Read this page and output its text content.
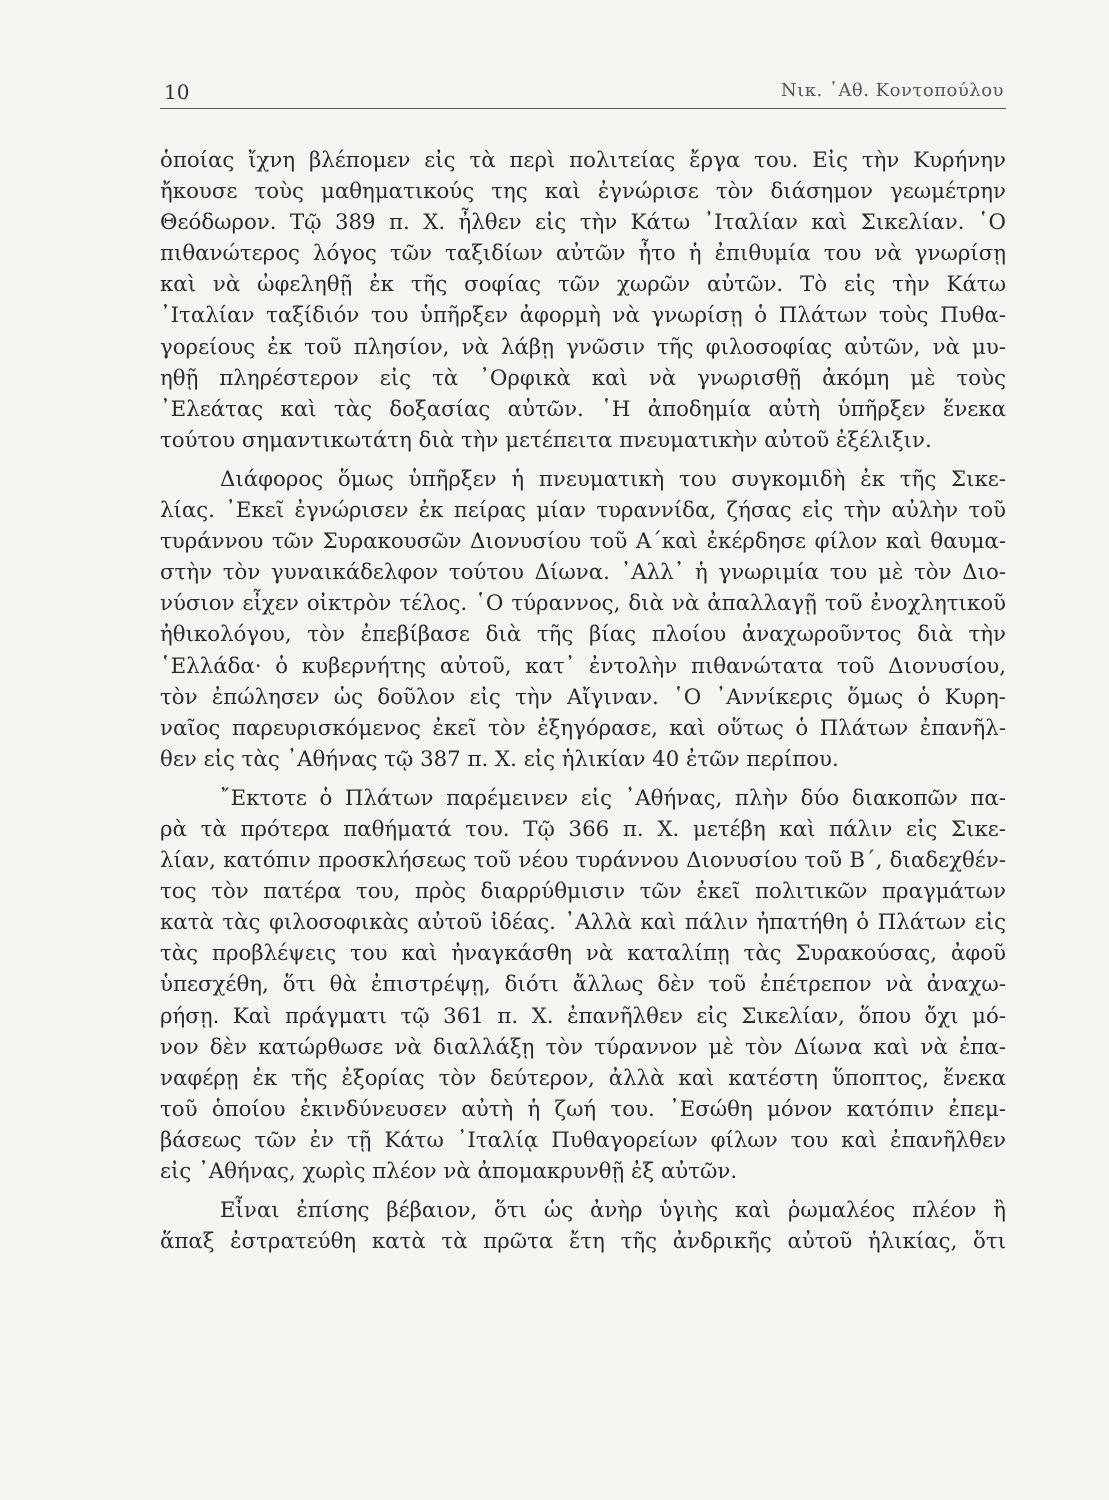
10	Νικ. ᾿Αθ. Κοντοπούλου
ὁποίας ἴχνη βλέπομεν εἰς τὰ περὶ πολιτείας ἔργα του. Εἰς τὴν Κυρήνην
ἤκουσε τοὺς μαθηματικούς της καὶ ἐγνώρισε τὸν διάσημον γεωμέτρην
Θεόδωρον. Τῷ 389 π. Χ. ἦλθεν εἰς τὴν Κάτω ᾿Ιταλίαν καὶ Σικελίαν. ῾Ο
πιθανώτερος λόγος τῶν ταξιδίων αὐτῶν ἦτο ἡ ἐπιθυμία του νὰ γνωρίσῃ
καὶ νὰ ὠφεληθῇ ἐκ τῆς σοφίας τῶν χωρῶν αὐτῶν. Τὸ εἰς τὴν Κάτω
᾿Ιταλίαν ταξίδιόν του ὑπῆρξεν ἀφορμὴ νὰ γνωρίσῃ ὁ Πλάτων τοὺς Πυθα-
γορείους ἐκ τοῦ πλησίον, νὰ λάβῃ γνῶσιν τῆς φιλοσοφίας αὐτῶν, νὰ μυ-
ηθῇ πληρέστερον εἰς τὰ ᾿Ορφικὰ καὶ νὰ γνωρισθῇ ἀκόμη μὲ τοὺς
᾿Ελεάτας καὶ τὰς δοξασίας αὐτῶν. ῾Η ἀποδημία αὐτὴ ὑπῆρξεν ἕνεκα
τούτου σημαντικωτάτη διὰ τὴν μετέπειτα πνευματικὴν αὐτοῦ ἐξέλιξιν.
Διάφορος ὅμως ὑπῆρξεν ἡ πνευματικὴ του συγκομιδὴ ἐκ τῆς Σικε-
λίας. ᾿Εκεῖ ἐγνώρισεν ἐκ πείρας μίαν τυραννίδα, ζήσας εἰς τὴν αὐλὴν τοῦ
τυράννου τῶν Συρακουσῶν Διονυσίου τοῦ Α΄καὶ ἐκέρδησε φίλον καὶ θαυμα-
στὴν τὸν γυναικάδελφον τούτου Δίωνα. ᾿Αλλ᾿ ἡ γνωριμία του μὲ τὸν Διο-
νύσιον εἶχεν οἰκτρὸν τέλος. ῾Ο τύραννος, διὰ νὰ ἀπαλλαγῇ τοῦ ἐνοχλητικοῦ
ἠθικολόγου, τὸν ἐπεβίβασε διὰ τῆς βίας πλοίου ἀναχωροῦντος διὰ τὴν
῾Ελλάδα· ὁ κυβερνήτης αὐτοῦ, κατ᾿ ἐντολὴν πιθανώτατα τοῦ Διονυσίου,
τὸν ἐπώλησεν ὡς δοῦλον εἰς τὴν Αἴγιναν. ῾Ο ᾿Αννίκερις ὅμως ὁ Κυρη-
ναῖος παρευρισκόμενος ἐκεῖ τὸν ἐξηγόρασε, καὶ οὕτως ὁ Πλάτων ἐπανῆλ-
θεν εἰς τὰς ᾿Αθήνας τῷ 387 π. Χ. εἰς ἡλικίαν 40 ἐτῶν περίπου.
῎Εκτοτε ὁ Πλάτων παρέμεινεν εἰς ᾿Αθήνας, πλὴν δύο διακοπῶν πα-
ρὰ τὰ πρότερα παθήματά του. Τῷ 366 π. Χ. μετέβη καὶ πάλιν εἰς Σικε-
λίαν, κατόπιν προσκλήσεως τοῦ νέου τυράννου Διονυσίου τοῦ Β΄, διαδεχθέν-
τος τὸν πατέρα του, πρὸς διαρρύθμισιν τῶν ἐκεῖ πολιτικῶν πραγμάτων
κατὰ τὰς φιλοσοφικὰς αὐτοῦ ἰδέας. ᾿Αλλὰ καὶ πάλιν ἠπατήθη ὁ Πλάτων εἰς
τὰς προβλέψεις του καὶ ἠναγκάσθη νὰ καταλίπῃ τὰς Συρακούσας, ἀφοῦ
ὑπεσχέθη, ὅτι θὰ ἐπιστρέψῃ, διότι ἄλλως δὲν τοῦ ἐπέτρεπον νὰ ἀναχω-
ρήσῃ. Καὶ πράγματι τῷ 361 π. Χ. ἐπανῆλθεν εἰς Σικελίαν, ὅπου ὄχι μό-
νον δὲν κατώρθωσε νὰ διαλλάξῃ τὸν τύραννον μὲ τὸν Δίωνα καὶ νὰ ἐπα-
ναφέρῃ ἐκ τῆς ἐξορίας τὸν δεύτερον, ἀλλὰ καὶ κατέστη ὕποπτος, ἕνεκα
τοῦ ὁποίου ἐκινδύνευσεν αὐτὴ ἡ ζωή του. ᾿Εσώθη μόνον κατόπιν ἐπεμ-
βάσεως τῶν ἐν τῇ Κάτω ᾿Ιταλίᾳ Πυθαγορείων φίλων του καὶ ἐπανῆλθεν
εἰς ᾿Αθήνας, χωρὶς πλέον νὰ ἀπομακρυνθῇ ἐξ αὐτῶν.
Εἶναι ἐπίσης βέβαιον, ὅτι ὡς ἀνὴρ ὑγιὴς καὶ ῥωμαλέος πλέον ἢ
ἅπαξ ἐστρατεύθη κατὰ τὰ πρῶτα ἔτη τῆς ἀνδρικῆς αὐτοῦ ἡλικίας, ὅτι
